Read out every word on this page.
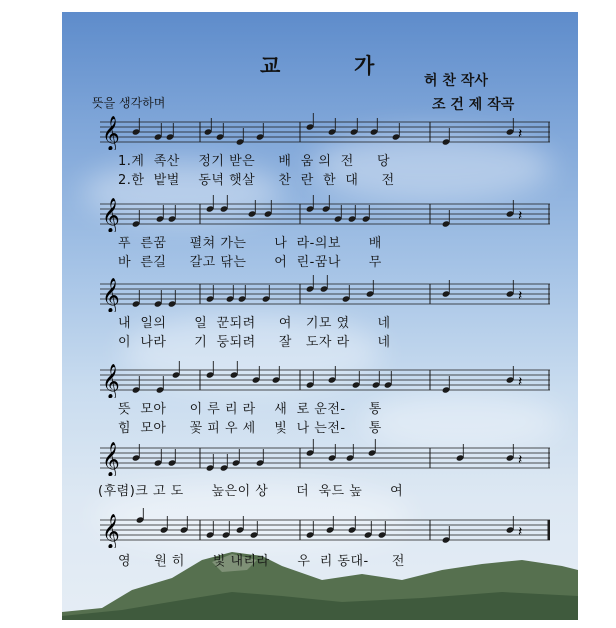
교	가
허 찬 작사
조 건 제 작곡
뜻을 생각하며
𝄞	𝄽
1.계  족산    정기 받은     배  움 의  전     당
2.한  밭벌    동녁 햇살     찬  란  한  대     전
𝄞	𝄽
푸  른꿈     펼쳐 가는      나  라-의보      배
바  른길     갈고 닦는      어  린-꿈나      무
𝄞	𝄽
내  일의      일  꾼되려     여   기모 였      네
이  나라      기  둥되려     잘   도자 라      네
𝄞	𝄽
뜻  모아     이 루 리 라    새  로 운전-     통
힘  모아     꽃 피 우 세    빛  나 는전-     통
𝄞	𝄽
(후렴)크 고 도      높은이 상      더  욱드 높      여
𝄞	𝄽
영     원 히      빛 내리라      우  리 동대-     전
